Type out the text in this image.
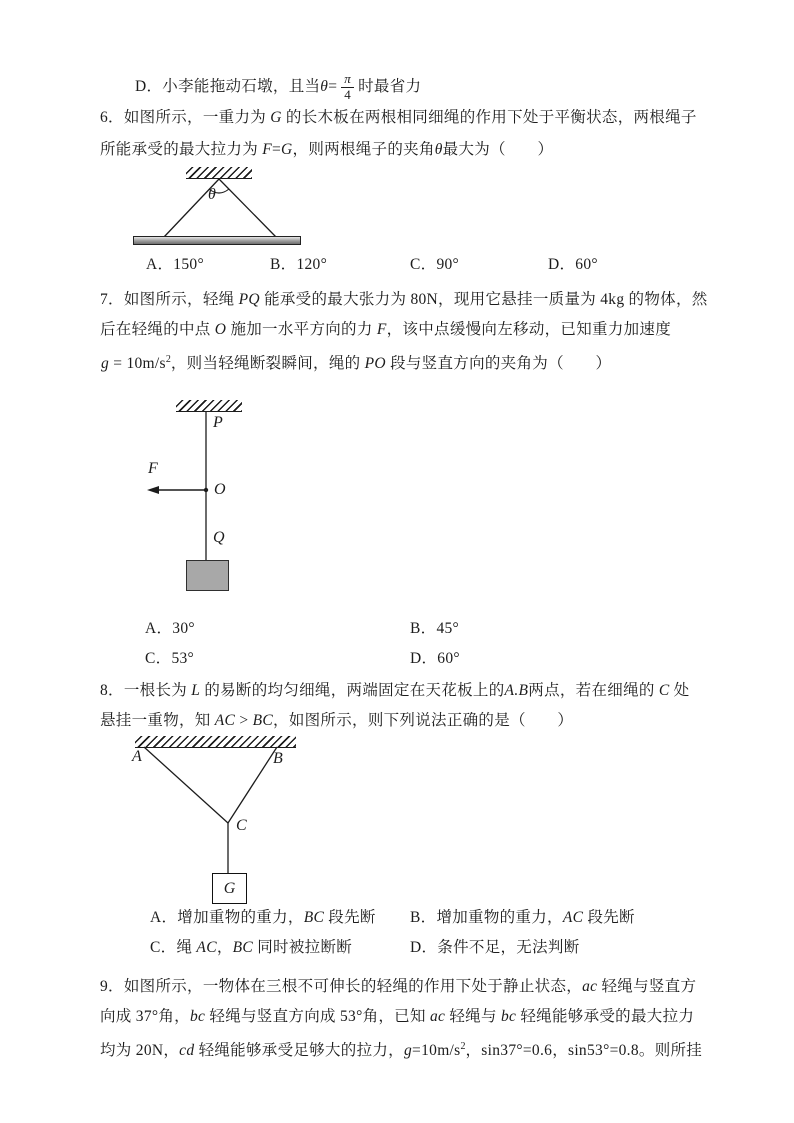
D．小李能拖动石墩，且当$\theta= \frac{\pi}{4}$ 时最省力
6．如图所示，一重力为 G 的长木板在两根相同细绳的作用下处于平衡状态，两根绳子
所能承受的最大拉力为 F=G，则两根绳子的夹角θ最大为（　　）
θ
A．150°	B．120°	C．90°	D．60°
7．如图所示，轻绳 PQ 能承受的最大张力为 80N，现用它悬挂一质量为 4kg 的物体，然
后在轻绳的中点 O 施加一水平方向的力 F，该中点缓慢向左移动，已知重力加速度
$g = 10m/s^2$，则当轻绳断裂瞬间，绳的 PO 段与竖直方向的夹角为（　　）
P
F
O
Q
A．30°	B．45°
C．53°	D．60°
8．一根长为 L 的易断的均匀细绳，两端固定在天花板上的A.B两点，若在细绳的 C 处
悬挂一重物，知 AC > BC，如图所示，则下列说法正确的是（　　）
A	B
C
G
A．增加重物的重力，BC 段先断 B．增加重物的重力，AC 段先断
C．绳 AC，BC 同时被拉断断	D．条件不足，无法判断
9．如图所示，一物体在三根不可伸长的轻绳的作用下处于静止状态，ac 轻绳与竖直方
向成 37°角，bc 轻绳与竖直方向成 53°角，已知 ac 轻绳与 bc 轻绳能够承受的最大拉力
均为 20N，cd 轻绳能够承受足够大的拉力，$g=10m/s^2$，sin37°=0.6，sin53°=0.8。则所挂
